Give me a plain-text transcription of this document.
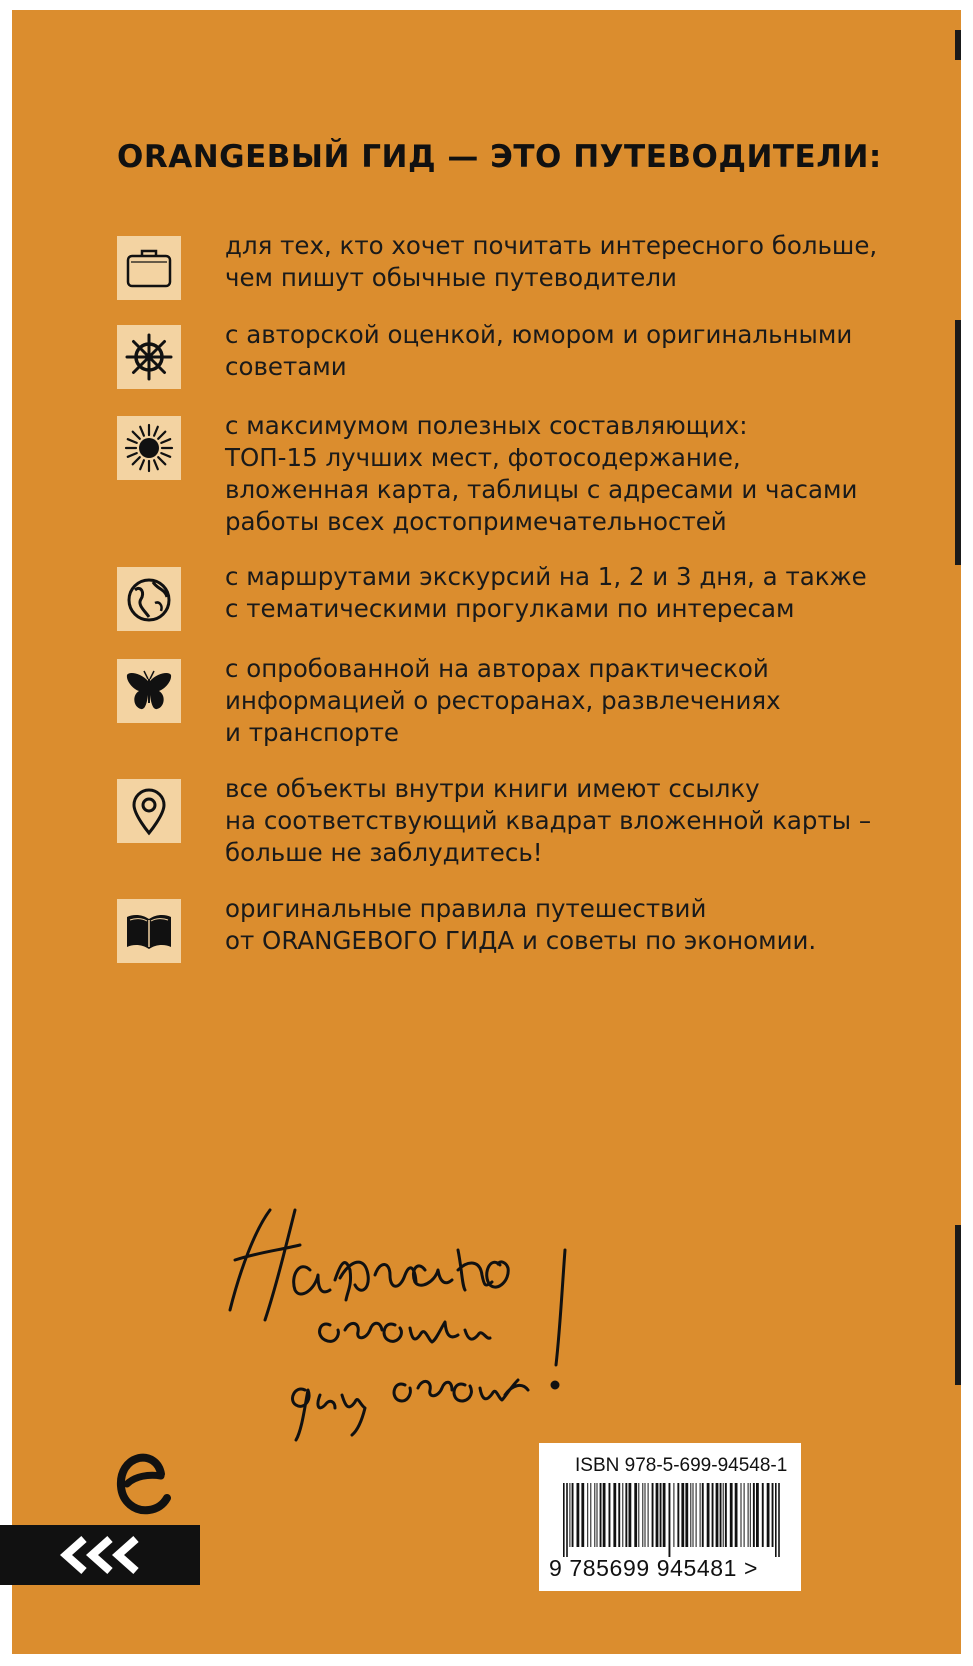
ORANGEВЫЙ ГИД — ЭТО ПУТЕВОДИТЕЛИ:
для тех, кто хочет почитать интересного больше,
чем пишут обычные путеводители
с авторской оценкой, юмором и оригинальными
советами
с максимумом полезных составляющих:
ТОП-15 лучших мест, фотосодержание,
вложенная карта, таблицы с адресами и часами
работы всех достопримечательностей
с маршрутами экскурсий на 1, 2 и 3 дня, а также
с тематическими прогулками по интересам
с опробованной на авторах практической
информацией о ресторанах, развлечениях
и транспорте
все объекты внутри книги имеют ссылку
на соответствующий квадрат вложенной карты –
больше не заблудитесь!
оригинальные правила путешествий
от ORANGEВОГО ГИДА и советы по экономии.
ISBN 978-5-699-94548-1
9 785699 945481 >
